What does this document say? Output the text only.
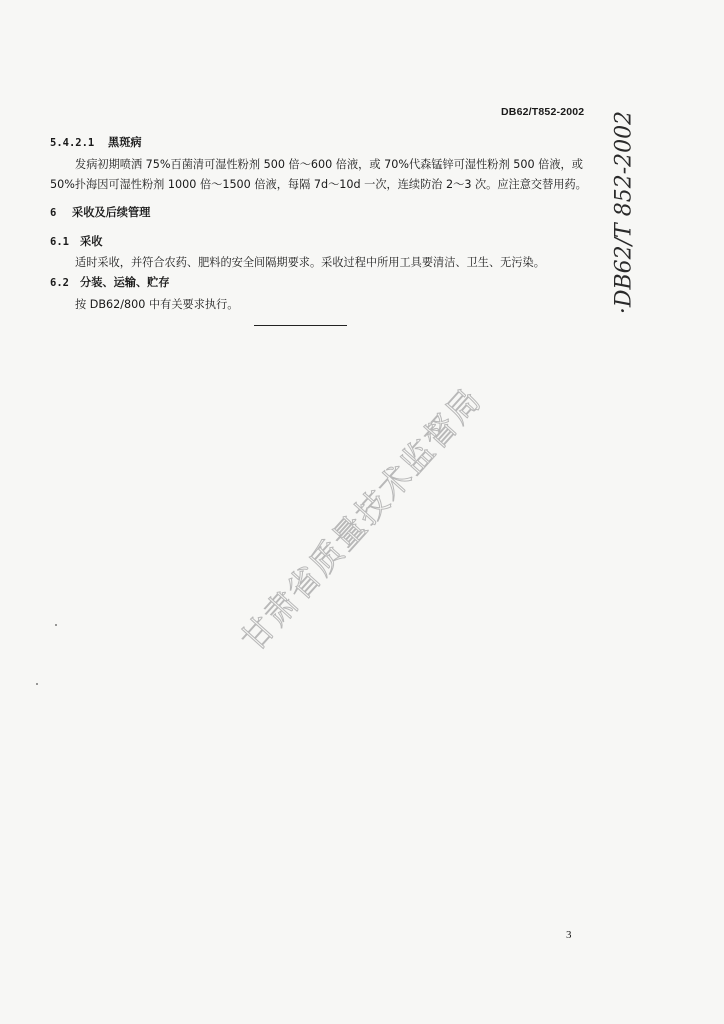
DB62/T852-2002 ·DB62/T 852-2002
5.4.2.1 黑斑病
发病初期喷洒 75%百菌清可湿性粉剂 500 倍～600 倍液，或 70%代森锰锌可湿性粉剂 500 倍液，或
50%扑海因可湿性粉剂 1000 倍～1500 倍液，每隔 7d～10d 一次，连续防治 2～3 次。应注意交替用药。
6 采收及后续管理
6.1 采收
适时采收，并符合农药、肥料的安全间隔期要求。采收过程中所用工具要清洁、卫生、无污染。
6.2 分装、运输、贮存
按 DB62/800 中有关要求执行。
甘肃省质量技术监督局
3
